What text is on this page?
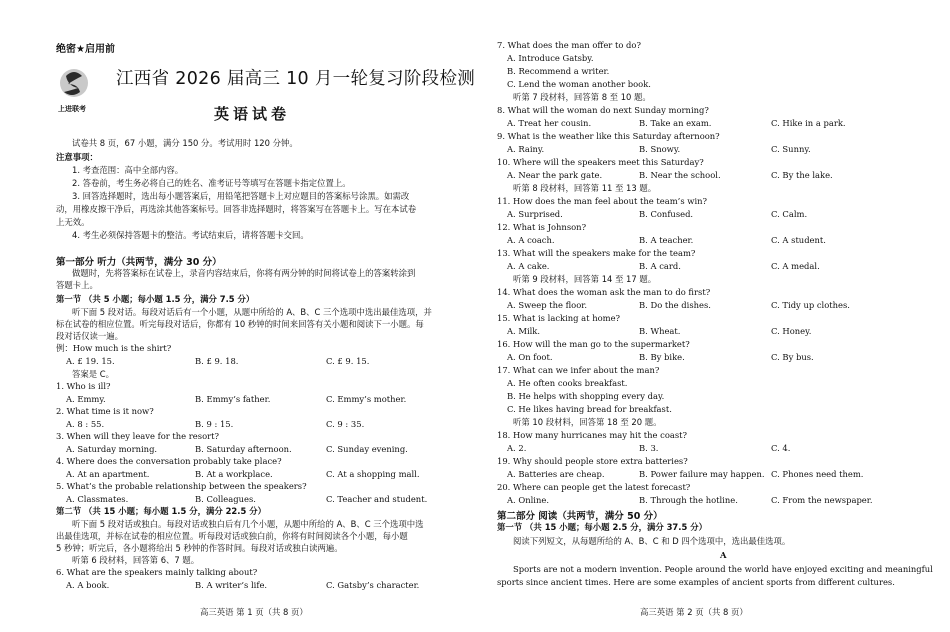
绝密★启用前
上进联考
江西省 2026 届高三 10 月一轮复习阶段检测
英语试卷
试卷共 8 页，67 小题，满分 150 分。考试用时 120 分钟。
注意事项：
1. 考查范围：高中全部内容。
2. 答卷前，考生务必将自己的姓名、准考证号等填写在答题卡指定位置上。
3. 回答选择题时，选出每小题答案后，用铅笔把答题卡上对应题目的答案标号涂黑。如需改
动，用橡皮擦干净后，再选涂其他答案标号。回答非选择题时，将答案写在答题卡上。写在本试卷
上无效。
4. 考生必须保持答题卡的整洁。考试结束后，请将答题卡交回。
第一部分 听力（共两节，满分 30 分）
做题时，先将答案标在试卷上，录音内容结束后，你将有两分钟的时间将试卷上的答案转涂到
答题卡上。
第一节 （共 5 小题；每小题 1.5 分，满分 7.5 分）
听下面 5 段对话。每段对话后有一个小题，从题中所给的 A、B、C 三个选项中选出最佳选项，并
标在试卷的相应位置。听完每段对话后，你都有 10 秒钟的时间来回答有关小题和阅读下一小题。每
段对话仅读一遍。
例：How much is the shirt?
A. £ 19. 15.	B. £ 9. 18.	C. £ 9. 15.
答案是 C。
1. Who is ill?
A. Emmy.	B. Emmy’s father.	C. Emmy’s mother.
2. What time is it now?
A. 8 : 55.	B. 9 : 15.	C. 9 : 35.
3. When will they leave for the resort?
A. Saturday morning.	B. Saturday afternoon.	C. Sunday evening.
4. Where does the conversation probably take place?
A. At an apartment.	B. At a workplace.	C. At a shopping mall.
5. What’s the probable relationship between the speakers?
A. Classmates.	B. Colleagues.	C. Teacher and student.
第二节 （共 15 小题；每小题 1.5 分，满分 22.5 分）
听下面 5 段对话或独白。每段对话或独白后有几个小题，从题中所给的 A、B、C 三个选项中选
出最佳选项，并标在试卷的相应位置。听每段对话或独白前，你将有时间阅读各个小题，每小题
5 秒钟；听完后，各小题将给出 5 秒钟的作答时间。每段对话或独白读两遍。
听第 6 段材料，回答第 6、7 题。
6. What are the speakers mainly talking about?
A. A book.	B. A writer’s life.	C. Gatsby’s character.
高三英语 第 1 页（共 8 页）
7. What does the man offer to do?
A. Introduce Gatsby.
B. Recommend a writer.
C. Lend the woman another book.
听第 7 段材料，回答第 8 至 10 题。
8. What will the woman do next Sunday morning?
A. Treat her cousin.	B. Take an exam.	C. Hike in a park.
9. What is the weather like this Saturday afternoon?
A. Rainy.	B. Snowy.	C. Sunny.
10. Where will the speakers meet this Saturday?
A. Near the park gate.	B. Near the school.	C. By the lake.
听第 8 段材料，回答第 11 至 13 题。
11. How does the man feel about the team’s win?
A. Surprised.	B. Confused.	C. Calm.
12. What is Johnson?
A. A coach.	B. A teacher.	C. A student.
13. What will the speakers make for the team?
A. A cake.	B. A card.	C. A medal.
听第 9 段材料，回答第 14 至 17 题。
14. What does the woman ask the man to do first?
A. Sweep the floor.	B. Do the dishes.	C. Tidy up clothes.
15. What is lacking at home?
A. Milk.	B. Wheat.	C. Honey.
16. How will the man go to the supermarket?
A. On foot.	B. By bike.	C. By bus.
17. What can we infer about the man?
A. He often cooks breakfast.
B. He helps with shopping every day.
C. He likes having bread for breakfast.
听第 10 段材料，回答第 18 至 20 题。
18. How many hurricanes may hit the coast?
A. 2.	B. 3.	C. 4.
19. Why should people store extra batteries?
A. Batteries are cheap.	B. Power failure may happen. C. Phones need them.
20. Where can people get the latest forecast?
A. Online.	B. Through the hotline.	C. From the newspaper.
第二部分 阅读（共两节，满分 50 分）
第一节 （共 15 小题；每小题 2.5 分，满分 37.5 分）
阅读下列短文，从每题所给的 A、B、C 和 D 四个选项中，选出最佳选项。
A
Sports are not a modern invention. People around the world have enjoyed exciting and meaningful
sports since ancient times. Here are some examples of ancient sports from different cultures.
高三英语 第 2 页（共 8 页）
